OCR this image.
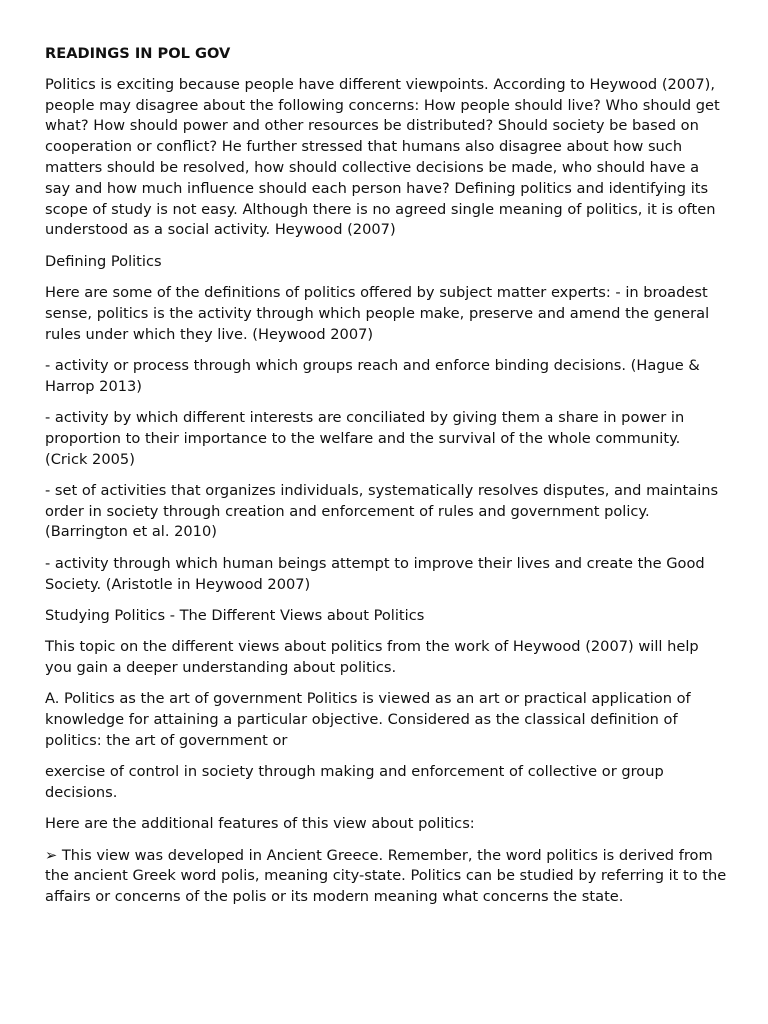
READINGS IN POL GOV

Politics is exciting because people have different viewpoints. According to Heywood (2007), people may disagree about the following concerns: How people should live? Who should get what? How should power and other resources be distributed? Should society be based on cooperation or conflict? He further stressed that humans also disagree about how such matters should be resolved, how should collective decisions be made, who should have a say and how much influence should each person have? Defining politics and identifying its scope of study is not easy. Although there is no agreed single meaning of politics, it is often understood as a social activity. Heywood (2007)

Defining Politics

Here are some of the definitions of politics offered by subject matter experts: - in broadest sense, politics is the activity through which people make, preserve and amend the general rules under which they live. (Heywood 2007)

- activity or process through which groups reach and enforce binding decisions. (Hague & Harrop 2013)

- activity by which different interests are conciliated by giving them a share in power in proportion to their importance to the welfare and the survival of the whole community. (Crick 2005)

- set of activities that organizes individuals, systematically resolves disputes, and maintains order in society through creation and enforcement of rules and government policy. (Barrington et al. 2010)

- activity through which human beings attempt to improve their lives and create the Good Society. (Aristotle in Heywood 2007)

Studying Politics - The Different Views about Politics

This topic on the different views about politics from the work of Heywood (2007) will help you gain a deeper understanding about politics.

A. Politics as the art of government Politics is viewed as an art or practical application of knowledge for attaining a particular objective. Considered as the classical definition of politics: the art of government or

exercise of control in society through making and enforcement of collective or group decisions.

Here are the additional features of this view about politics:

➢ This view was developed in Ancient Greece. Remember, the word politics is derived from the ancient Greek word polis, meaning city-state. Politics can be studied by referring it to the affairs or concerns of the polis or its modern meaning what concerns the state.
